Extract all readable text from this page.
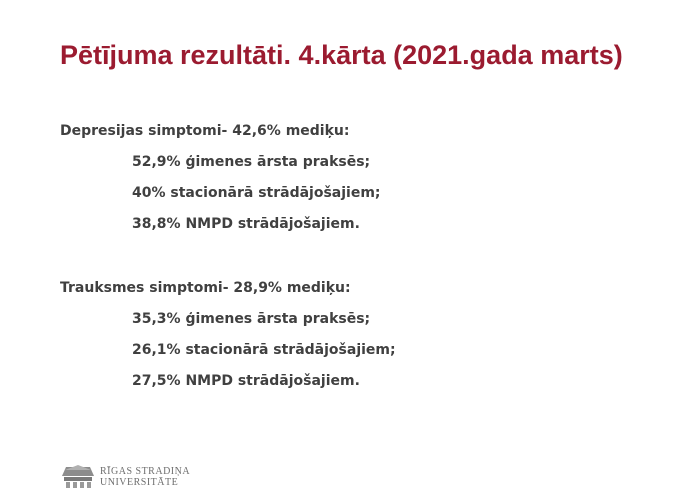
Pētījuma rezultāti. 4.kārta (2021.gada marts)
Depresijas simptomi- 42,6% mediķu:
52,9% ģimenes ārsta praksēs;
40% stacionārā strādājošajiem;
38,8% NMPD strādājošajiem.
Trauksmes simptomi- 28,9% mediķu:
35,3% ģimenes ārsta praksēs;
26,1% stacionārā strādājošajiem;
27,5% NMPD strādājošajiem.
RĪGAS STRADIŅA
UNIVERSITĀTE
